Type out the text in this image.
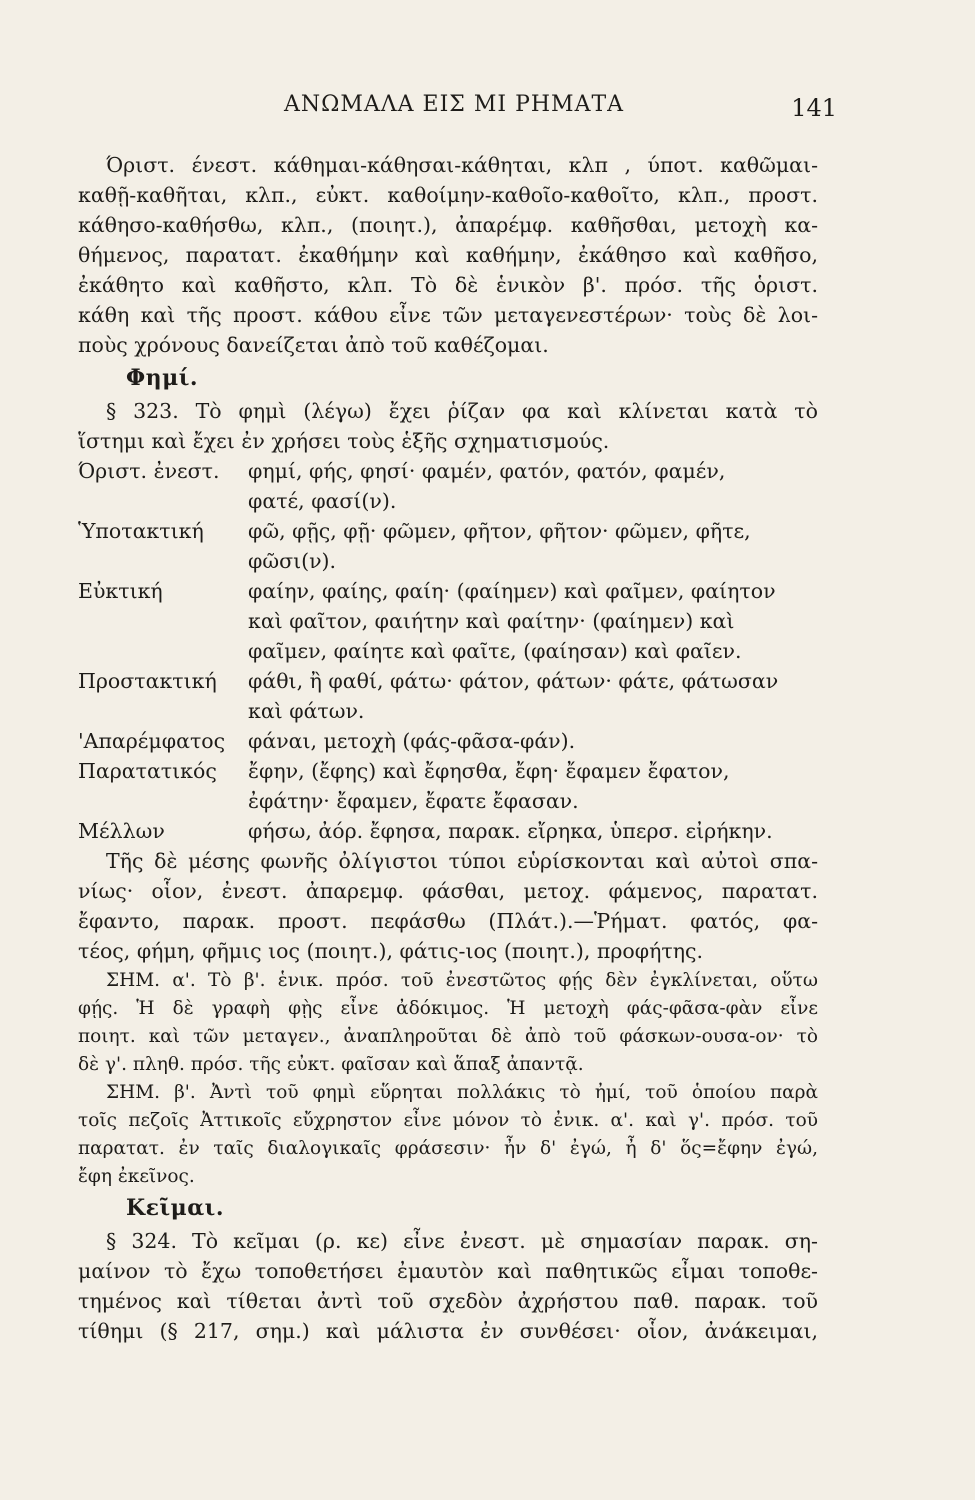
ΑΝΩΜΑΛΑ ΕΙΣ ΜΙ ΡΗΜΑΤΑ	141
Όριστ. ένεστ. κάθημαι-κάθησαι-κάθηται, κλπ , ύποτ. καθῶμαι-
καθῇ-καθῆται, κλπ., εὐκτ. καθοίμην-καθοῖο-καθοῖτο, κλπ., προστ.
κάθησο-καθήσθω, κλπ., (ποιητ.), ἀπαρέμφ. καθῆσθαι, μετοχὴ κα-
θήμενος, παρατατ. ἐκαθήμην καὶ καθήμην, ἐκάθησο καὶ καθῆσο,
ἐκάθητο καὶ καθῆστο, κλπ. Τὸ δὲ ἑνικὸν β'. πρόσ. τῆς ὁριστ.
κάθη καὶ τῆς προστ. κάθου εἶνε τῶν μεταγενεστέρων· τοὺς δὲ λοι-
ποὺς χρόνους δανείζεται ἀπὸ τοῦ καθέζομαι.
Φημί.
§ 323. Τὸ φημὶ (λέγω) ἔχει ῥίζαν φα καὶ κλίνεται κατὰ τὸ
ἵστημι καὶ ἔχει ἐν χρήσει τοὺς ἑξῆς σχηματισμούς.
Όριστ. ἐνεστ.	φημί, φής, φησί· φαμέν, φατόν, φατόν, φαμέν,
φατέ, φασί(ν).
Ὑποτακτική	φῶ, φῇς, φῇ· φῶμεν, φῆτον, φῆτον· φῶμεν, φῆτε,
φῶσι(ν).
Εὐκτική	φαίην, φαίης, φαίη· (φαίημεν) καὶ φαῖμεν, φαίητον
καὶ φαῖτον, φαιήτην καὶ φαίτην· (φαίημεν) καὶ
φαῖμεν, φαίητε καὶ φαῖτε, (φαίησαν) καὶ φαῖεν.
Προστακτική	φάθι, ἢ φαθί, φάτω· φάτον, φάτων· φάτε, φάτωσαν
καὶ φάτων.
'Απαρέμφατος	φάναι, μετοχὴ (φάς-φᾶσα-φάν).
Παρατατικός	ἔφην, (ἔφης) καὶ ἔφησθα, ἔφη· ἔφαμεν ἔφατον,
ἐφάτην· ἔφαμεν, ἔφατε ἔφασαν.
Μέλλων	φήσω, ἀόρ. ἔφησα, παρακ. εἴρηκα, ὑπερσ. εἰρήκην.
Τῆς δὲ μέσης φωνῆς ὀλίγιστοι τύποι εὑρίσκονται καὶ αὐτοὶ σπα-
νίως· οἷον, ἐνεστ. ἀπαρεμφ. φάσθαι, μετοχ. φάμενος, παρατατ.
ἔφαντο, παρακ. προστ. πεφάσθω (Πλάτ.).—Ῥήματ. φατός, φα-
τέος, φήμη, φῆμις ιος (ποιητ.), φάτις-ιος (ποιητ.), προφήτης.
ΣΗΜ. α'. Τὸ β'. ἑνικ. πρόσ. τοῦ ἐνεστῶτος φῄς δὲν ἐγκλίνεται, οὕτω
φῄς. Ἡ δὲ γραφὴ φῂς εἶνε ἀδόκιμος. Ἡ μετοχὴ φάς-φᾶσα-φὰν εἶνε
ποιητ. καὶ τῶν μεταγεν., ἀναπληροῦται δὲ ἀπὸ τοῦ φάσκων-ουσα-ον· τὸ
δὲ γ'. πληθ. πρόσ. τῆς εὐκτ. φαῖσαν καὶ ἅπαξ ἀπαντᾷ.
ΣΗΜ. β'. Ἀντὶ τοῦ φημὶ εὕρηται πολλάκις τὸ ἠμί, τοῦ ὁποίου παρὰ
τοῖς πεζοῖς Ἀττικοῖς εὔχρηστον εἶνε μόνον τὸ ἐνικ. α'. καὶ γ'. πρόσ. τοῦ
παρατατ. ἐν ταῖς διαλογικαῖς φράσεσιν· ἦν δ' ἐγώ, ἦ δ' ὅς=ἔφην ἐγώ,
ἔφη ἐκεῖνος.
Κεῖμαι.
§ 324. Τὸ κεῖμαι (ρ. κε) εἶνε ἐνεστ. μὲ σημασίαν παρακ. ση-
μαίνον τὸ ἔχω τοποθετήσει ἐμαυτὸν καὶ παθητικῶς εἶμαι τοποθε-
τημένος καὶ τίθεται ἀντὶ τοῦ σχεδὸν ἀχρήστου παθ. παρακ. τοῦ
τίθημι (§ 217, σημ.) καὶ μάλιστα ἐν συνθέσει· οἷον, ἀνάκειμαι,
